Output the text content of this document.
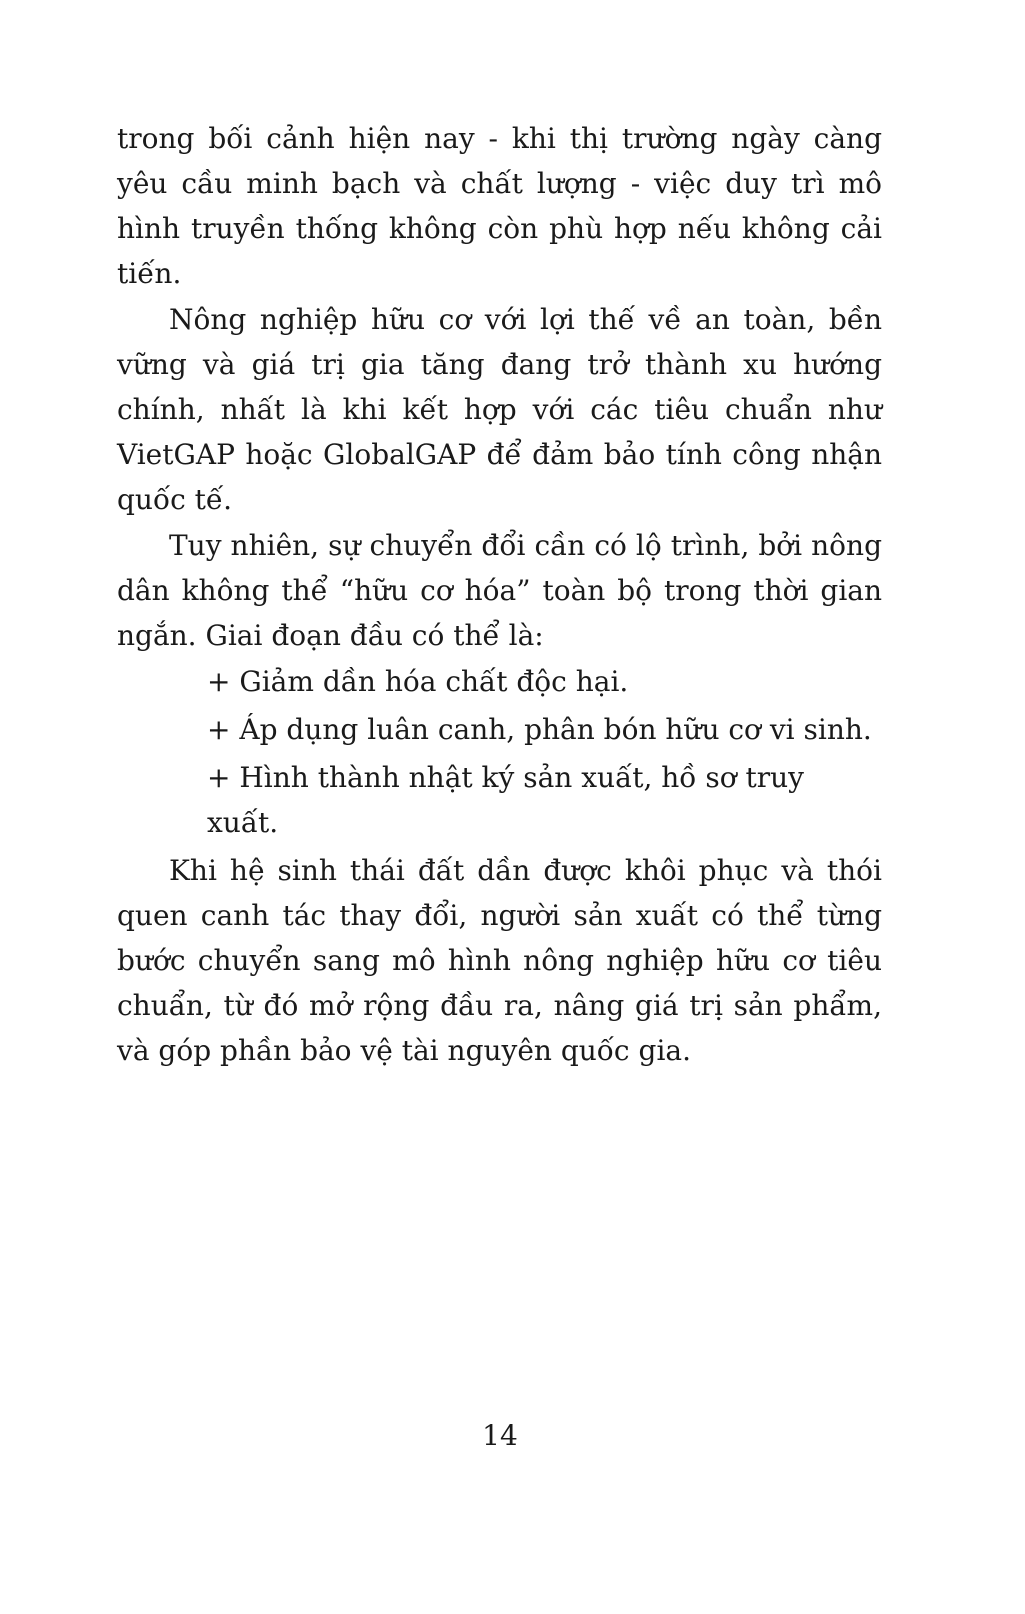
trong bối cảnh hiện nay - khi thị trường ngày càng yêu cầu minh bạch và chất lượng - việc duy trì mô hình truyền thống không còn phù hợp nếu không cải tiến.

Nông nghiệp hữu cơ với lợi thế về an toàn, bền vững và giá trị gia tăng đang trở thành xu hướng chính, nhất là khi kết hợp với các tiêu chuẩn như VietGAP hoặc GlobalGAP để đảm bảo tính công nhận quốc tế.

Tuy nhiên, sự chuyển đổi cần có lộ trình, bởi nông dân không thể “hữu cơ hóa” toàn bộ trong thời gian ngắn. Giai đoạn đầu có thể là:

+ Giảm dần hóa chất độc hại.
+ Áp dụng luân canh, phân bón hữu cơ vi sinh.
+ Hình thành nhật ký sản xuất, hồ sơ truy xuất.

Khi hệ sinh thái đất dần được khôi phục và thói quen canh tác thay đổi, người sản xuất có thể từng bước chuyển sang mô hình nông nghiệp hữu cơ tiêu chuẩn, từ đó mở rộng đầu ra, nâng giá trị sản phẩm, và góp phần bảo vệ tài nguyên quốc gia.

14
